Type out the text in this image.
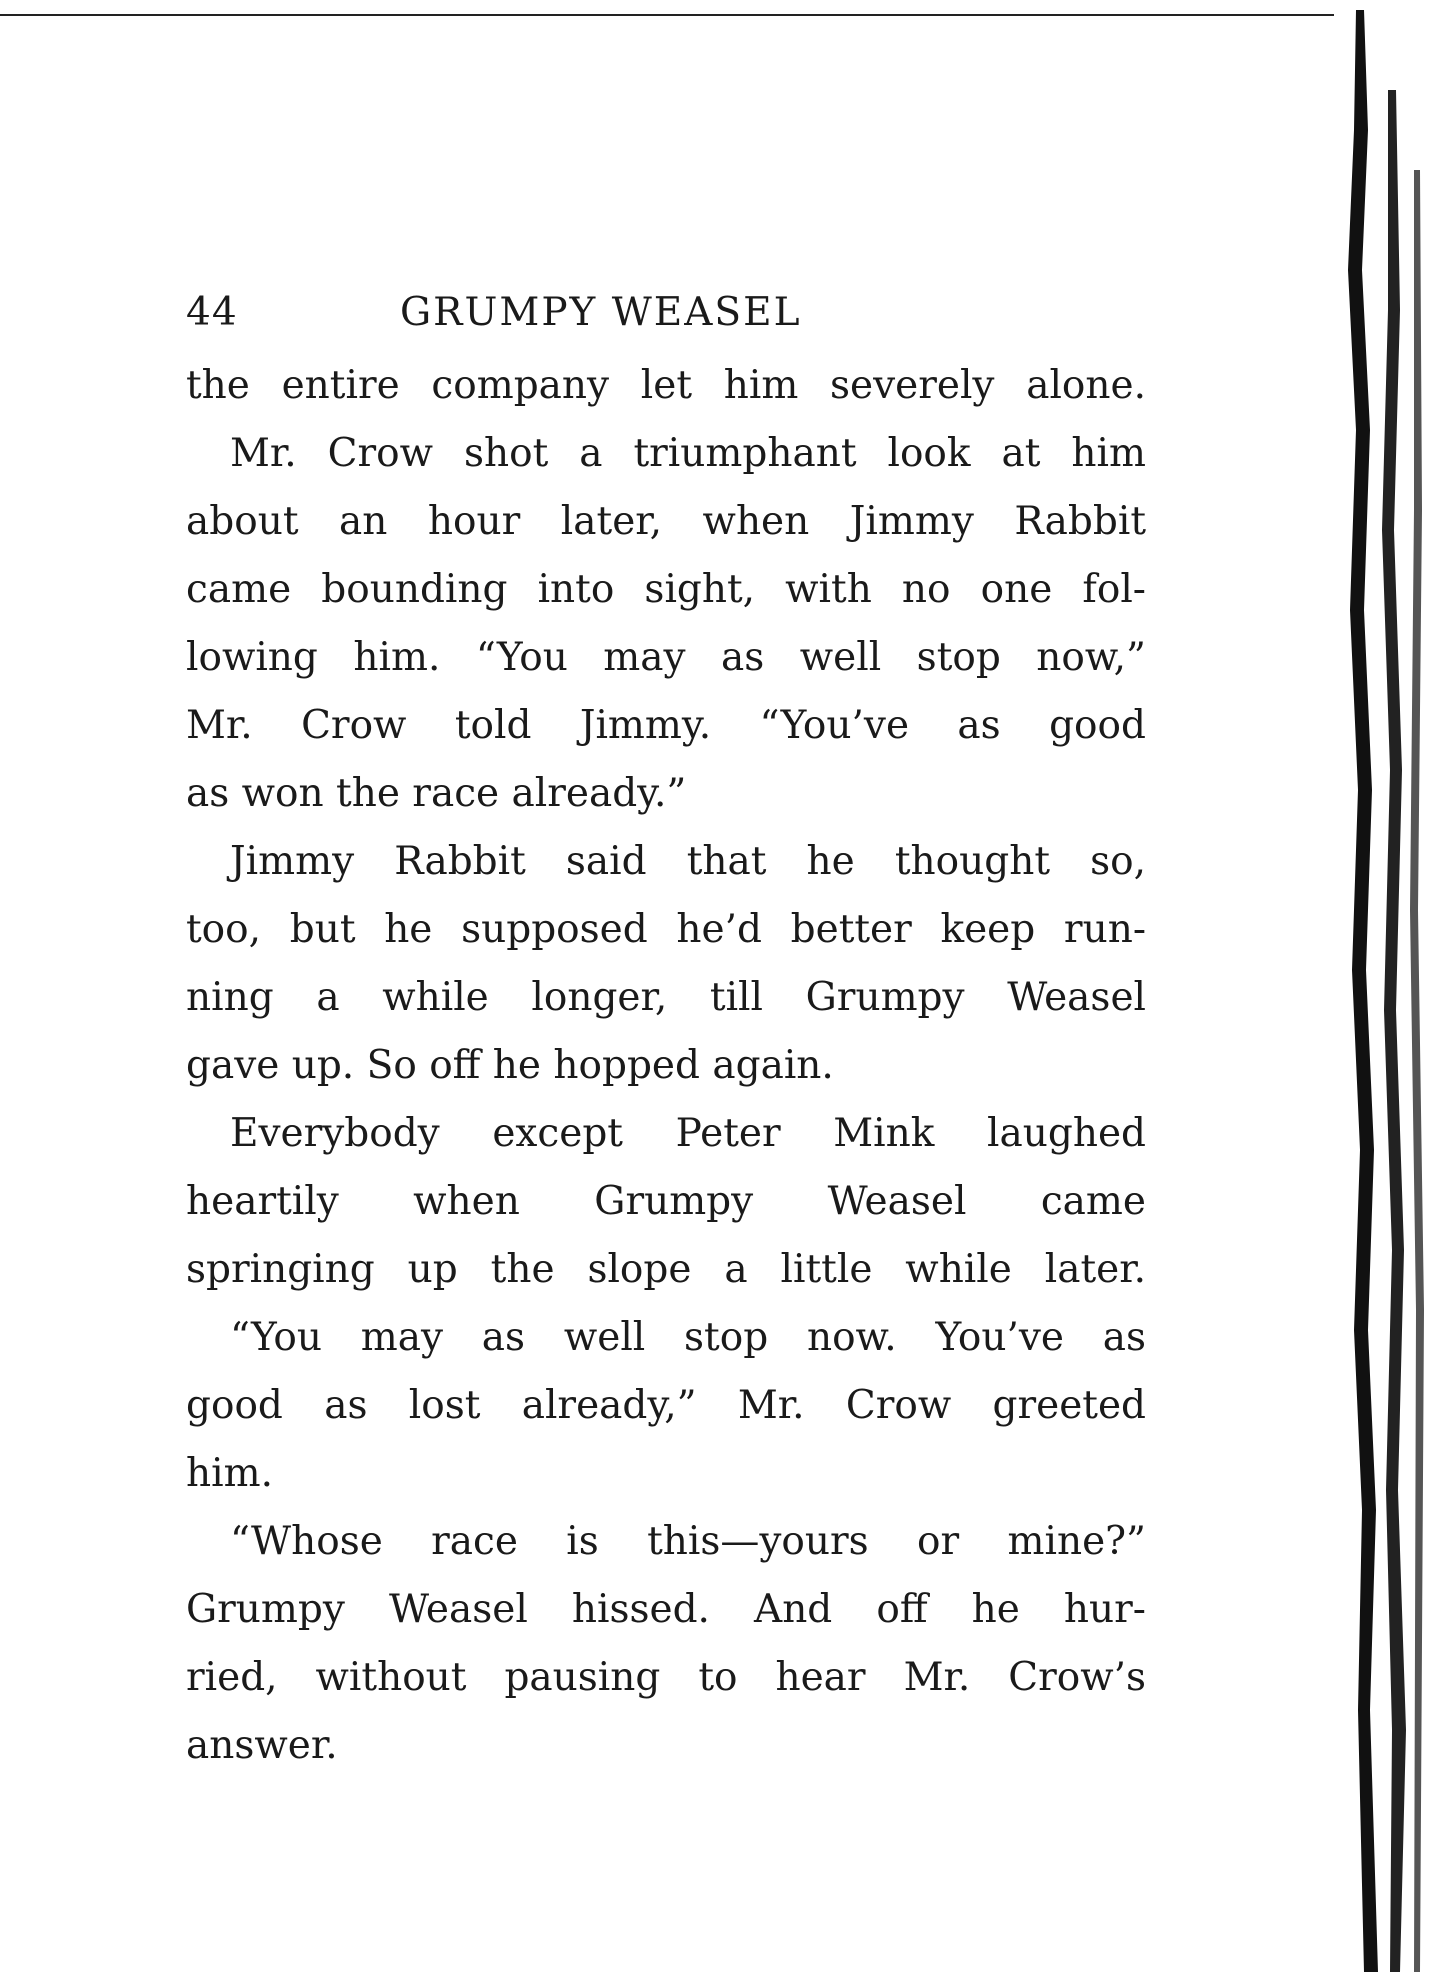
44	GRUMPY WEASEL
the entire company let him severely alone.
Mr. Crow shot a triumphant look at him
about an hour later, when Jimmy Rabbit
came bounding into sight, with no one fol-
lowing him. “You may as well stop now,”
Mr. Crow told Jimmy. “You’ve as good
as won the race already.”
Jimmy Rabbit said that he thought so,
too, but he supposed he’d better keep run-
ning a while longer, till Grumpy Weasel
gave up. So off he hopped again.
Everybody except Peter Mink laughed
heartily when Grumpy Weasel came
springing up the slope a little while later.
“You may as well stop now. You’ve as
good as lost already,” Mr. Crow greeted
him.
“Whose race is this—yours or mine?”
Grumpy Weasel hissed. And off he hur-
ried, without pausing to hear Mr. Crow’s
answer.
